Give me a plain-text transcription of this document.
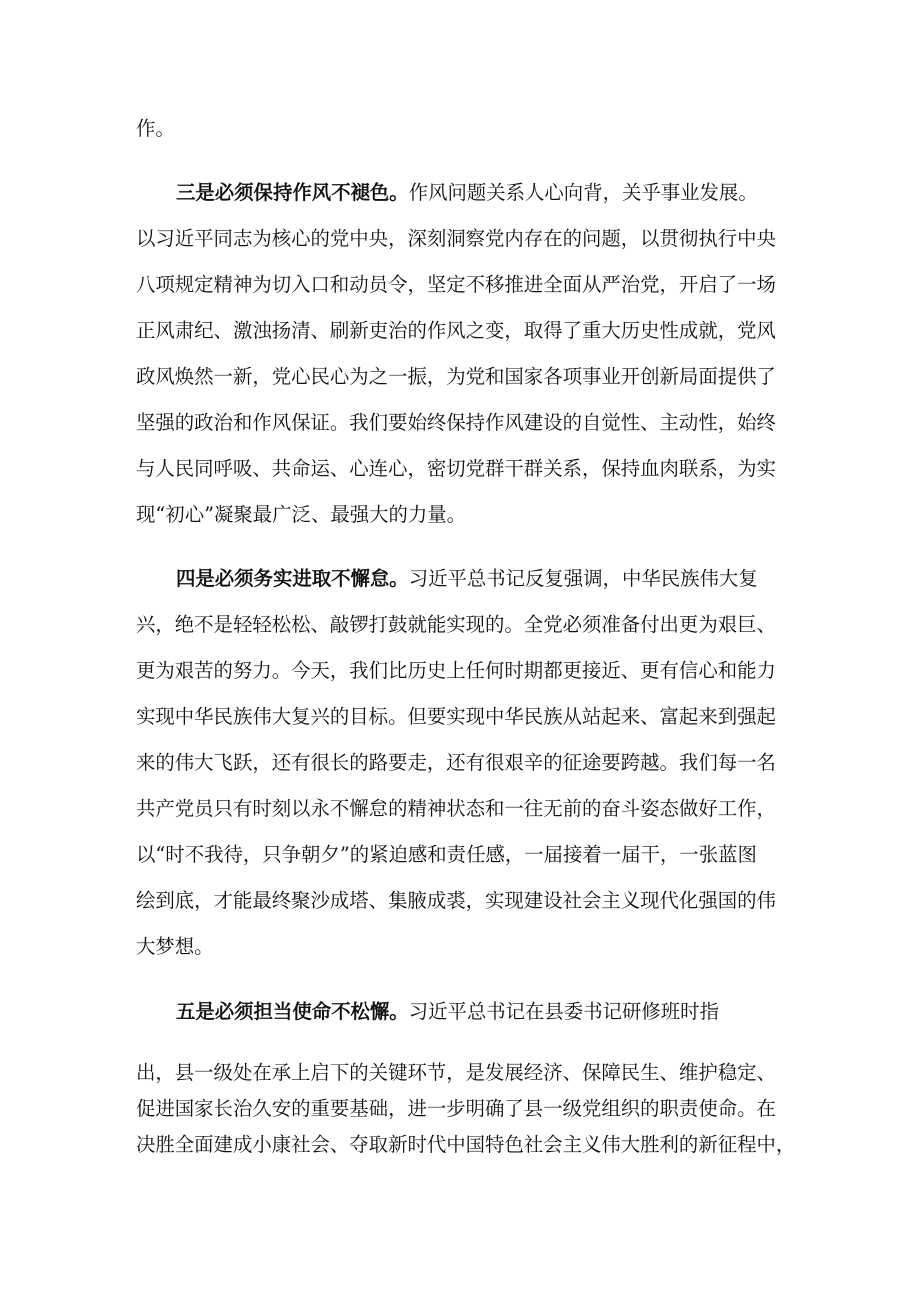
作。
三是必须保持作风不褪色。作风问题关系人心向背，关乎事业发展。
以习近平同志为核心的党中央，深刻洞察党内存在的问题，以贯彻执行中央
八项规定精神为切入口和动员令，坚定不移推进全面从严治党，开启了一场
正风肃纪、激浊扬清、刷新吏治的作风之变，取得了重大历史性成就，党风
政风焕然一新，党心民心为之一振，为党和国家各项事业开创新局面提供了
坚强的政治和作风保证。我们要始终保持作风建设的自觉性、主动性，始终
与人民同呼吸、共命运、心连心，密切党群干群关系，保持血肉联系，为实
现“初心”凝聚最广泛、最强大的力量。
四是必须务实进取不懈怠。习近平总书记反复强调，中华民族伟大复
兴，绝不是轻轻松松、敲锣打鼓就能实现的。全党必须准备付出更为艰巨、
更为艰苦的努力。今天，我们比历史上任何时期都更接近、更有信心和能力
实现中华民族伟大复兴的目标。但要实现中华民族从站起来、富起来到强起
来的伟大飞跃，还有很长的路要走，还有很艰辛的征途要跨越。我们每一名
共产党员只有时刻以永不懈怠的精神状态和一往无前的奋斗姿态做好工作，
以“时不我待，只争朝夕”的紧迫感和责任感，一届接着一届干，一张蓝图
绘到底，才能最终聚沙成塔、集腋成裘，实现建设社会主义现代化强国的伟
大梦想。
五是必须担当使命不松懈。习近平总书记在县委书记研修班时指
出，县一级处在承上启下的关键环节，是发展经济、保障民生、维护稳定、
促进国家长治久安的重要基础，进一步明确了县一级党组织的职责使命。在
决胜全面建成小康社会、夺取新时代中国特色社会主义伟大胜利的新征程中，
